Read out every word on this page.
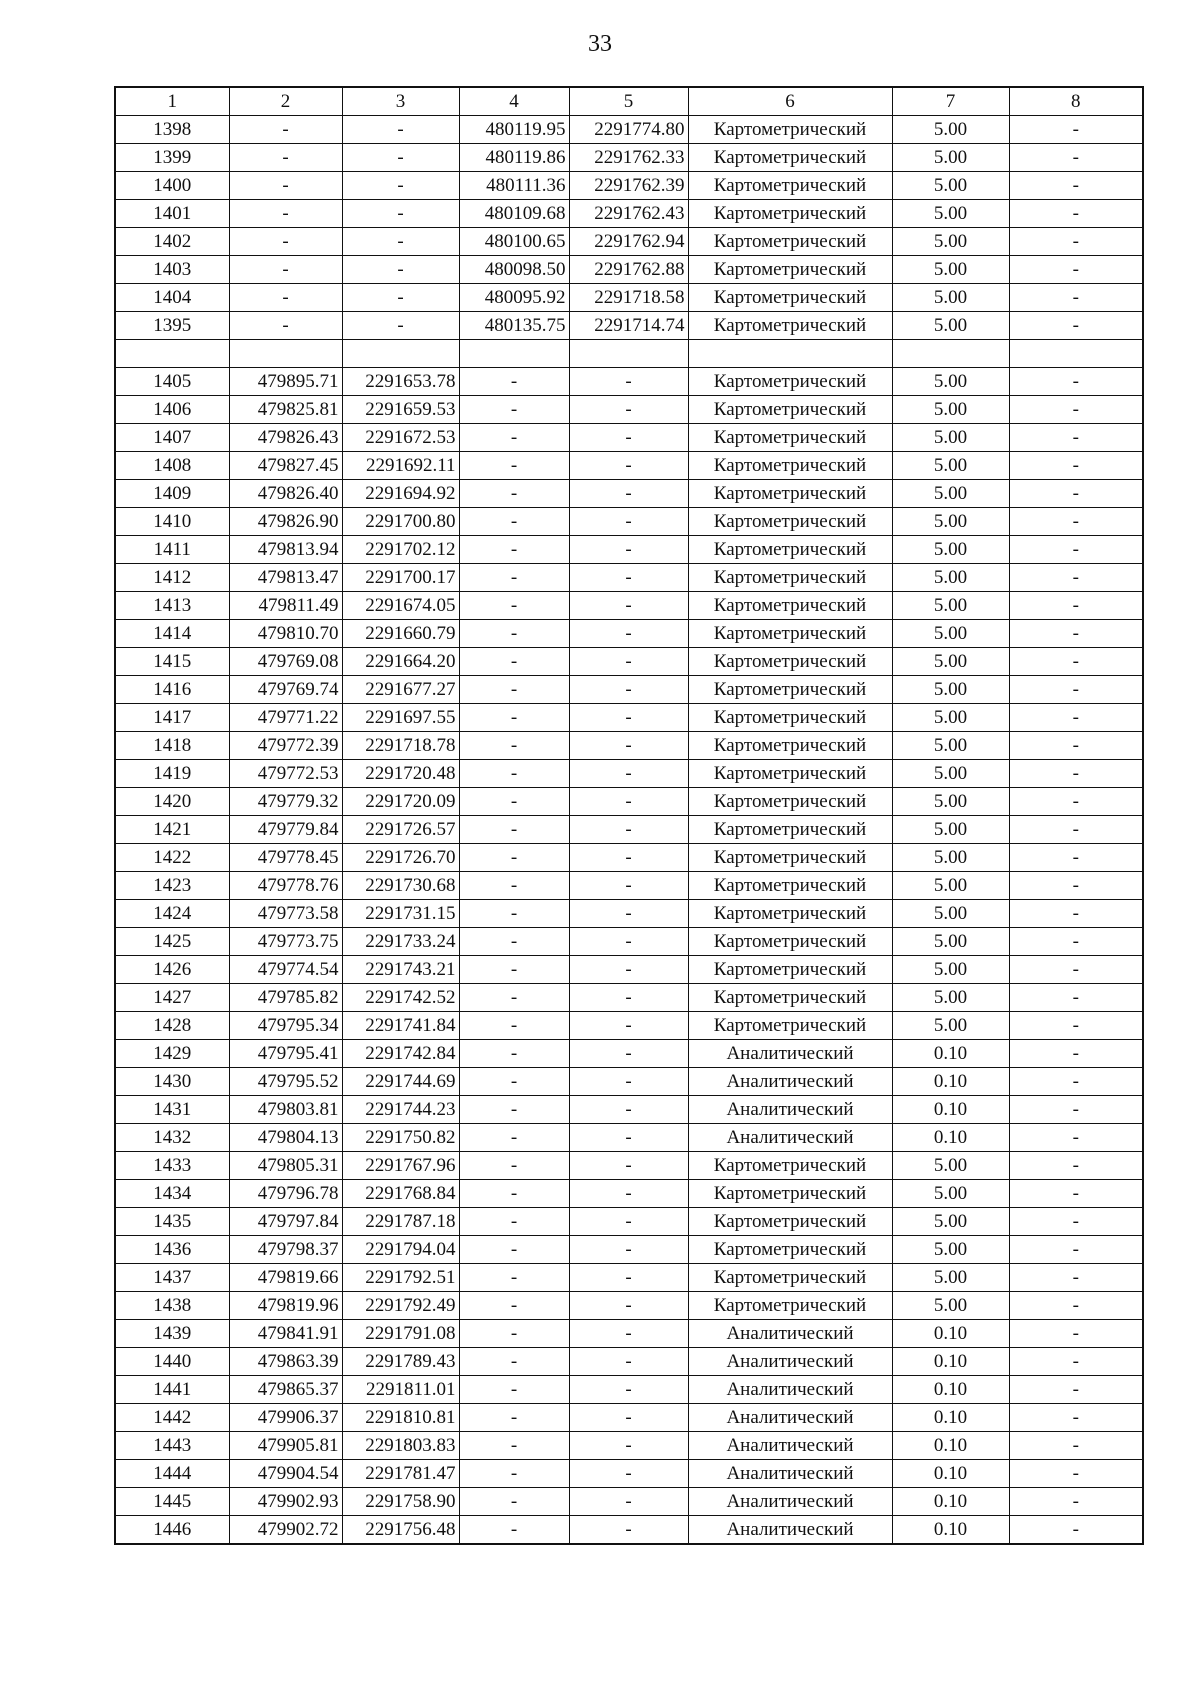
33
1	2	3	4	5	6	7	8
1398	-	-	480119.95	2291774.80	Картометрический	5.00	-
1399	-	-	480119.86	2291762.33	Картометрический	5.00	-
1400	-	-	480111.36	2291762.39	Картометрический	5.00	-
1401	-	-	480109.68	2291762.43	Картометрический	5.00	-
1402	-	-	480100.65	2291762.94	Картометрический	5.00	-
1403	-	-	480098.50	2291762.88	Картометрический	5.00	-
1404	-	-	480095.92	2291718.58	Картометрический	5.00	-
1395	-	-	480135.75	2291714.74	Картометрический	5.00	-

1405	479895.71	2291653.78	-	-	Картометрический	5.00	-
1406	479825.81	2291659.53	-	-	Картометрический	5.00	-
1407	479826.43	2291672.53	-	-	Картометрический	5.00	-
1408	479827.45	2291692.11	-	-	Картометрический	5.00	-
1409	479826.40	2291694.92	-	-	Картометрический	5.00	-
1410	479826.90	2291700.80	-	-	Картометрический	5.00	-
1411	479813.94	2291702.12	-	-	Картометрический	5.00	-
1412	479813.47	2291700.17	-	-	Картометрический	5.00	-
1413	479811.49	2291674.05	-	-	Картометрический	5.00	-
1414	479810.70	2291660.79	-	-	Картометрический	5.00	-
1415	479769.08	2291664.20	-	-	Картометрический	5.00	-
1416	479769.74	2291677.27	-	-	Картометрический	5.00	-
1417	479771.22	2291697.55	-	-	Картометрический	5.00	-
1418	479772.39	2291718.78	-	-	Картометрический	5.00	-
1419	479772.53	2291720.48	-	-	Картометрический	5.00	-
1420	479779.32	2291720.09	-	-	Картометрический	5.00	-
1421	479779.84	2291726.57	-	-	Картометрический	5.00	-
1422	479778.45	2291726.70	-	-	Картометрический	5.00	-
1423	479778.76	2291730.68	-	-	Картометрический	5.00	-
1424	479773.58	2291731.15	-	-	Картометрический	5.00	-
1425	479773.75	2291733.24	-	-	Картометрический	5.00	-
1426	479774.54	2291743.21	-	-	Картометрический	5.00	-
1427	479785.82	2291742.52	-	-	Картометрический	5.00	-
1428	479795.34	2291741.84	-	-	Картометрический	5.00	-
1429	479795.41	2291742.84	-	-	Аналитический	0.10	-
1430	479795.52	2291744.69	-	-	Аналитический	0.10	-
1431	479803.81	2291744.23	-	-	Аналитический	0.10	-
1432	479804.13	2291750.82	-	-	Аналитический	0.10	-
1433	479805.31	2291767.96	-	-	Картометрический	5.00	-
1434	479796.78	2291768.84	-	-	Картометрический	5.00	-
1435	479797.84	2291787.18	-	-	Картометрический	5.00	-
1436	479798.37	2291794.04	-	-	Картометрический	5.00	-
1437	479819.66	2291792.51	-	-	Картометрический	5.00	-
1438	479819.96	2291792.49	-	-	Картометрический	5.00	-
1439	479841.91	2291791.08	-	-	Аналитический	0.10	-
1440	479863.39	2291789.43	-	-	Аналитический	0.10	-
1441	479865.37	2291811.01	-	-	Аналитический	0.10	-
1442	479906.37	2291810.81	-	-	Аналитический	0.10	-
1443	479905.81	2291803.83	-	-	Аналитический	0.10	-
1444	479904.54	2291781.47	-	-	Аналитический	0.10	-
1445	479902.93	2291758.90	-	-	Аналитический	0.10	-
1446	479902.72	2291756.48	-	-	Аналитический	0.10	-
